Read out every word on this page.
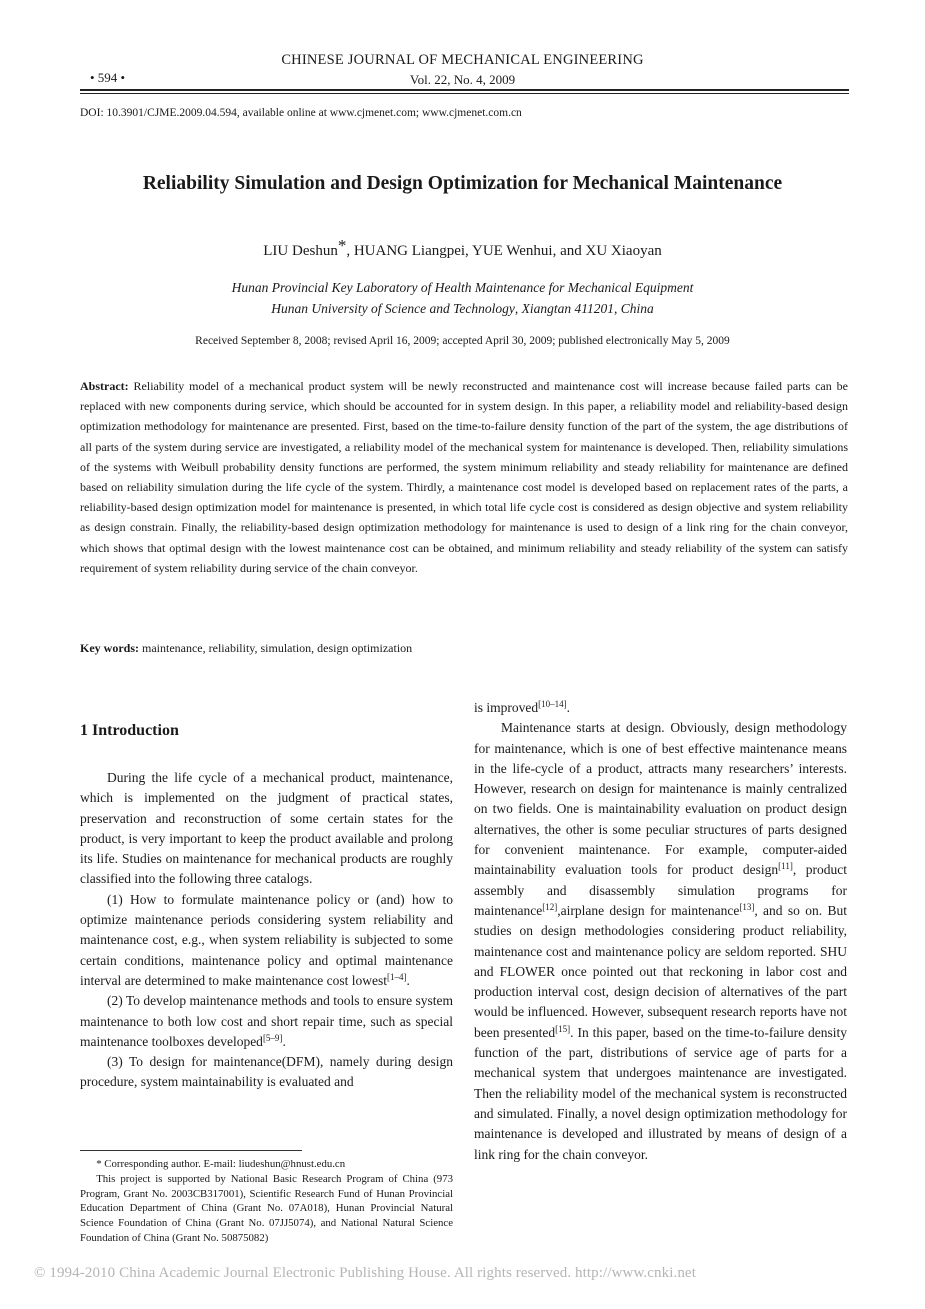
CHINESE JOURNAL OF MECHANICAL ENGINEERING
• 594 •	Vol. 22, No. 4, 2009
DOI: 10.3901/CJME.2009.04.594, available online at www.cjmenet.com; www.cjmenet.com.cn
Reliability Simulation and Design Optimization for Mechanical Maintenance
LIU Deshun*, HUANG Liangpei, YUE Wenhui, and XU Xiaoyan
Hunan Provincial Key Laboratory of Health Maintenance for Mechanical Equipment
Hunan University of Science and Technology, Xiangtan 411201, China
Received September 8, 2008; revised April 16, 2009; accepted April 30, 2009; published electronically May 5, 2009
Abstract: Reliability model of a mechanical product system will be newly reconstructed and maintenance cost will increase because failed parts can be replaced with new components during service, which should be accounted for in system design. In this paper, a reliability model and reliability-based design optimization methodology for maintenance are presented. First, based on the time-to-failure density function of the part of the system, the age distributions of all parts of the system during service are investigated, a reliability model of the mechanical system for maintenance is developed. Then, reliability simulations of the systems with Weibull probability density functions are performed, the system minimum reliability and steady reliability for maintenance are defined based on reliability simulation during the life cycle of the system. Thirdly, a maintenance cost model is developed based on replacement rates of the parts, a reliability-based design optimization model for maintenance is presented, in which total life cycle cost is considered as design objective and system reliability as design constrain. Finally, the reliability-based design optimization methodology for maintenance is used to design of a link ring for the chain conveyor, which shows that optimal design with the lowest maintenance cost can be obtained, and minimum reliability and steady reliability of the system can satisfy requirement of system reliability during service of the chain conveyor.
Key words: maintenance, reliability, simulation, design optimization
1 Introduction

During the life cycle of a mechanical product, maintenance, which is implemented on the judgment of practical states, preservation and reconstruction of some certain states for the product, is very important to keep the product available and prolong its life. Studies on maintenance for mechanical products are roughly classified into the following three catalogs.

(1) How to formulate maintenance policy or (and) how to optimize maintenance periods considering system reliability and maintenance cost, e.g., when system reliability is subjected to some certain conditions, maintenance policy and optimal maintenance interval are determined to make maintenance cost lowest[1–4].

(2) To develop maintenance methods and tools to ensure system maintenance to both low cost and short repair time, such as special maintenance toolboxes developed[5–9].

(3) To design for maintenance(DFM), namely during design procedure, system maintainability is evaluated and

is improved[10–14].

Maintenance starts at design. Obviously, design methodology for maintenance, which is one of best effective maintenance means in the life-cycle of a product, attracts many researchers’ interests. However, research on design for maintenance is mainly centralized on two fields. One is maintainability evaluation on product design alternatives, the other is some peculiar structures of parts designed for convenient maintenance. For example, computer-aided maintainability evaluation tools for product design[11], product assembly and disassembly simulation programs for maintenance[12],airplane design for maintenance[13], and so on. But studies on design methodologies considering product reliability, maintenance cost and maintenance policy are seldom reported. SHU and FLOWER once pointed out that reckoning in labor cost and production interval cost, design decision of alternatives of the part would be influenced. However, subsequent research reports have not been presented[15]. In this paper, based on the time-to-failure density function of the part, distributions of service age of parts for a mechanical system that undergoes maintenance are investigated. Then the reliability model of the mechanical system is reconstructed and simulated. Finally, a novel design optimization methodology for maintenance is developed and illustrated by means of design of a link ring for the chain conveyor.

* Corresponding author. E-mail: liudeshun@hnust.edu.cn

This project is supported by National Basic Research Program of China (973 Program, Grant No. 2003CB317001), Scientific Research Fund of Hunan Provincial Education Department of China (Grant No. 07A018), Hunan Provincial Natural Science Foundation of China (Grant No. 07JJ5074), and National Natural Science Foundation of China (Grant No. 50875082)

© 1994-2010 China Academic Journal Electronic Publishing House. All rights reserved. http://www.cnki.net
